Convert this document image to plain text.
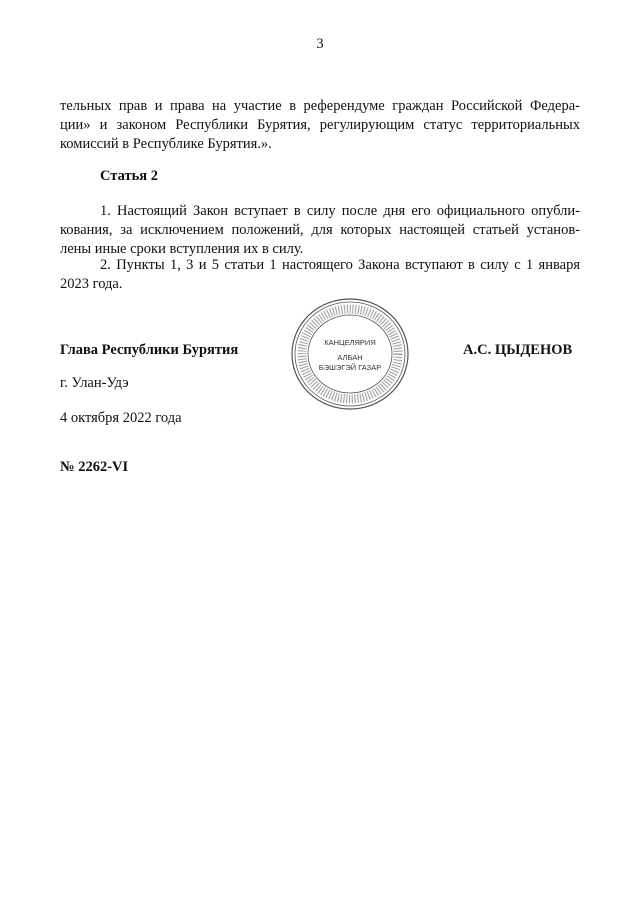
3
тельных прав и права на участие в референдуме граждан Российской Федера-
ции» и законом Республики Бурятия, регулирующим статус территориальных
комиссий в Республике Бурятия.».
Статья 2
1. Настоящий Закон вступает в силу после дня его официального опубли-
кования, за исключением положений, для которых настоящей статьей установ-
лены иные сроки вступления их в силу.
2. Пункты 1, 3 и 5 статьи 1 настоящего Закона вступают в силу с 1 января
2023 года.
Глава Республики Бурятия	КАНЦЕЛЯРИЯ
АЛБАН
БЭШЭГЭЙ ГАЗАР
А.С. ЦЫДЕНОВ
г. Улан-Удэ
4 октября 2022 года
№ 2262-VI
